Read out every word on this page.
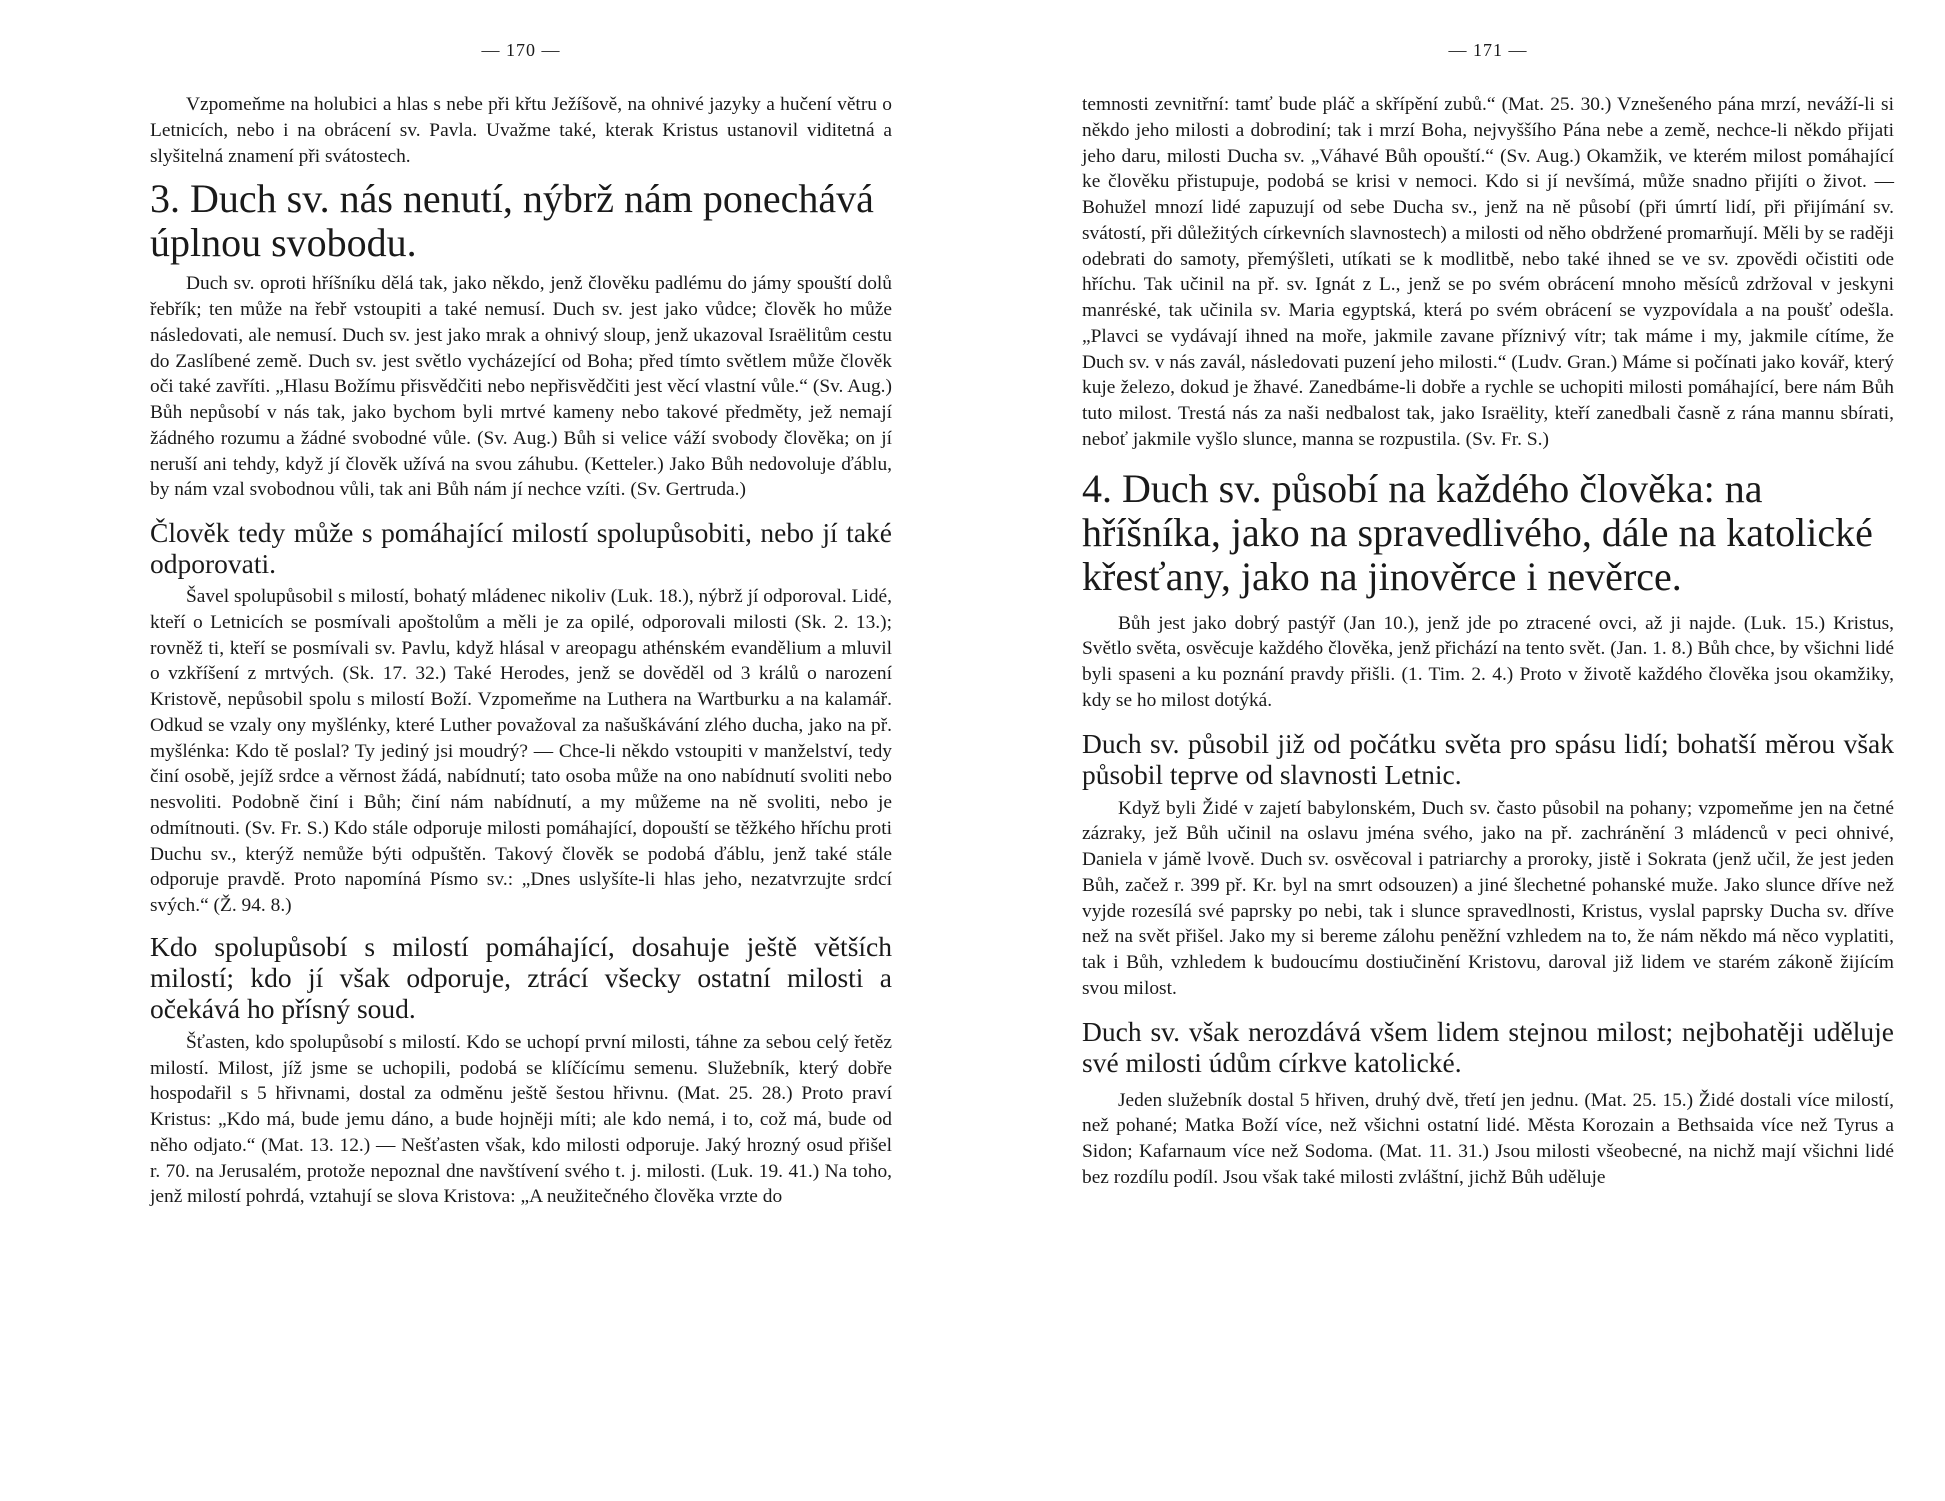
— 170 —

Vzpomeňme na holubici a hlas s nebe při křtu Ježíšově, na ohnivé jazyky a hučení větru o Letnicích, nebo i na obrácení sv. Pavla. Uvažme také, kterak Kristus ustanovil viditetná a slyšitelná znamení při svátostech.

3. Duch sv. nás nenutí, nýbrž nám ponechává úplnou svobodu.

Duch sv. oproti hříšníku dělá tak, jako někdo, jenž člověku padlému do jámy spouští dolů řebřík; ten může na řebř vstoupiti a také nemusí. Duch sv. jest jako vůdce; člověk ho může následovati, ale nemusí. Duch sv. jest jako mrak a ohnivý sloup, jenž ukazoval Israëlitům cestu do Zaslíbené země. Duch sv. jest světlo vycházející od Boha; před tímto světlem může člověk oči také zavříti. „Hlasu Božímu přisvědčiti nebo nepřisvědčiti jest věcí vlastní vůle.“ (Sv. Aug.) Bůh nepůsobí v nás tak, jako bychom byli mrtvé kameny nebo takové předměty, jež nemají žádného rozumu a žádné svobodné vůle. (Sv. Aug.) Bůh si velice váží svobody člověka; on jí neruší ani tehdy, když jí člověk užívá na svou záhubu. (Ketteler.) Jako Bůh nedovoluje ďáblu, by nám vzal svobodnou vůli, tak ani Bůh nám jí nechce vzíti. (Sv. Gertruda.)

Člověk tedy může s pomáhající milostí spolupůsobiti, nebo jí také odporovati.

Šavel spolupůsobil s milostí, bohatý mládenec nikoliv (Luk. 18.), nýbrž jí odporoval. Lidé, kteří o Letnicích se posmívali apoštolům a měli je za opilé, odporovali milosti (Sk. 2. 13.); rovněž ti, kteří se posmívali sv. Pavlu, když hlásal v areopagu athénském evandělium a mluvil o vzkříšení z mrtvých. (Sk. 17. 32.) Také Herodes, jenž se dověděl od 3 králů o narození Kristově, nepůsobil spolu s milostí Boží. Vzpomeňme na Luthera na Wartburku a na kalamář. Odkud se vzaly ony myšlénky, které Luther považoval za našuškávání zlého ducha, jako na př. myšlénka: Kdo tě poslal? Ty jediný jsi moudrý? — Chce-li někdo vstoupiti v manželství, tedy činí osobě, jejíž srdce a věrnost žádá, nabídnutí; tato osoba může na ono nabídnutí svoliti nebo nesvoliti. Podobně činí i Bůh; činí nám nabídnutí, a my můžeme na ně svoliti, nebo je odmítnouti. (Sv. Fr. S.) Kdo stále odporuje milosti pomáhající, dopouští se těžkého hříchu proti Duchu sv., kterýž nemůže býti odpuštěn. Takový člověk se podobá ďáblu, jenž také stále odporuje pravdě. Proto napomíná Písmo sv.: „Dnes uslyšíte-li hlas jeho, nezatvrzujte srdcí svých.“ (Ž. 94. 8.)

Kdo spolupůsobí s milostí pomáhající, dosahuje ještě větších milostí; kdo jí však odporuje, ztrácí všecky ostatní milosti a očekává ho přísný soud.

Šťasten, kdo spolupůsobí s milostí. Kdo se uchopí první milosti, táhne za sebou celý řetěz milostí. Milost, jíž jsme se uchopili, podobá se klíčícímu semenu. Služebník, který dobře hospodařil s 5 hřivnami, dostal za odměnu ještě šestou hřivnu. (Mat. 25. 28.) Proto praví Kristus: „Kdo má, bude jemu dáno, a bude hojněji míti; ale kdo nemá, i to, což má, bude od něho odjato.“ (Mat. 13. 12.) — Nešťasten však, kdo milosti odporuje. Jaký hrozný osud přišel r. 70. na Jerusalém, protože nepoznal dne navštívení svého t. j. milosti. (Luk. 19. 41.) Na toho, jenž milostí pohrdá, vztahují se slova Kristova: „A neužitečného člověka vrzte do

— 171 —

temnosti zevnitřní: tamť bude pláč a skřípění zubů.“ (Mat. 25. 30.) Vznešeného pána mrzí, neváží-li si někdo jeho milosti a dobrodiní; tak i mrzí Boha, nejvyššího Pána nebe a země, nechce-li někdo přijati jeho daru, milosti Ducha sv. „Váhavé Bůh opouští.“ (Sv. Aug.) Okamžik, ve kterém milost pomáhající ke člověku přistupuje, podobá se krisi v nemoci. Kdo si jí nevšímá, může snadno přijíti o život. — Bohužel mnozí lidé zapuzují od sebe Ducha sv., jenž na ně působí (při úmrtí lidí, při přijímání sv. svátostí, při důležitých církevních slavnostech) a milosti od něho obdržené promarňují. Měli by se raději odebrati do samoty, přemýšleti, utíkati se k modlitbě, nebo také ihned se ve sv. zpovědi očistiti ode hříchu. Tak učinil na př. sv. Ignát z L., jenž se po svém obrácení mnoho měsíců zdržoval v jeskyni manréské, tak učinila sv. Maria egyptská, která po svém obrácení se vyzpovídala a na poušť odešla. „Plavci se vydávají ihned na moře, jakmile zavane příznivý vítr; tak máme i my, jakmile cítíme, že Duch sv. v nás zavál, následovati puzení jeho milosti.“ (Ludv. Gran.) Máme si počínati jako kovář, který kuje železo, dokud je žhavé. Zanedbáme-li dobře a rychle se uchopiti milosti pomáhající, bere nám Bůh tuto milost. Trestá nás za naši nedbalost tak, jako Israëlity, kteří zanedbali časně z rána mannu sbírati, neboť jakmile vyšlo slunce, manna se rozpustila. (Sv. Fr. S.)

4. Duch sv. působí na každého člověka: na hříšníka, jako na spravedlivého, dále na katolické křesťany, jako na jinověrce i nevěrce.

Bůh jest jako dobrý pastýř (Jan 10.), jenž jde po ztracené ovci, až ji najde. (Luk. 15.) Kristus, Světlo světa, osvěcuje každého člověka, jenž přichází na tento svět. (Jan. 1. 8.) Bůh chce, by všichni lidé byli spaseni a ku poznání pravdy přišli. (1. Tim. 2. 4.) Proto v životě každého člověka jsou okamžiky, kdy se ho milost dotýká.

Duch sv. působil již od počátku světa pro spásu lidí; bohatší měrou však působil teprve od slavnosti Letnic.

Když byli Židé v zajetí babylonském, Duch sv. často působil na pohany; vzpomeňme jen na četné zázraky, jež Bůh učinil na oslavu jména svého, jako na př. zachránění 3 mládenců v peci ohnivé, Daniela v jámě lvově. Duch sv. osvěcoval i patriarchy a proroky, jistě i Sokrata (jenž učil, že jest jeden Bůh, začež r. 399 př. Kr. byl na smrt odsouzen) a jiné šlechetné pohanské muže. Jako slunce dříve než vyjde rozesílá své paprsky po nebi, tak i slunce spravedlnosti, Kristus, vyslal paprsky Ducha sv. dříve než na svět přišel. Jako my si bereme zálohu peněžní vzhledem na to, že nám někdo má něco vyplatiti, tak i Bůh, vzhledem k budoucímu dostiučinění Kristovu, daroval již lidem ve starém zákoně žijícím svou milost.

Duch sv. však nerozdává všem lidem stejnou milost; nejbohatěji uděluje své milosti údům církve katolické.

Jeden služebník dostal 5 hřiven, druhý dvě, třetí jen jednu. (Mat. 25. 15.) Židé dostali více milostí, než pohané; Matka Boží více, než všichni ostatní lidé. Města Korozain a Bethsaida více než Tyrus a Sidon; Kafarnaum více než Sodoma. (Mat. 11. 31.) Jsou milosti všeobecné, na nichž mají všichni lidé bez rozdílu podíl. Jsou však také milosti zvláštní, jichž Bůh uděluje
